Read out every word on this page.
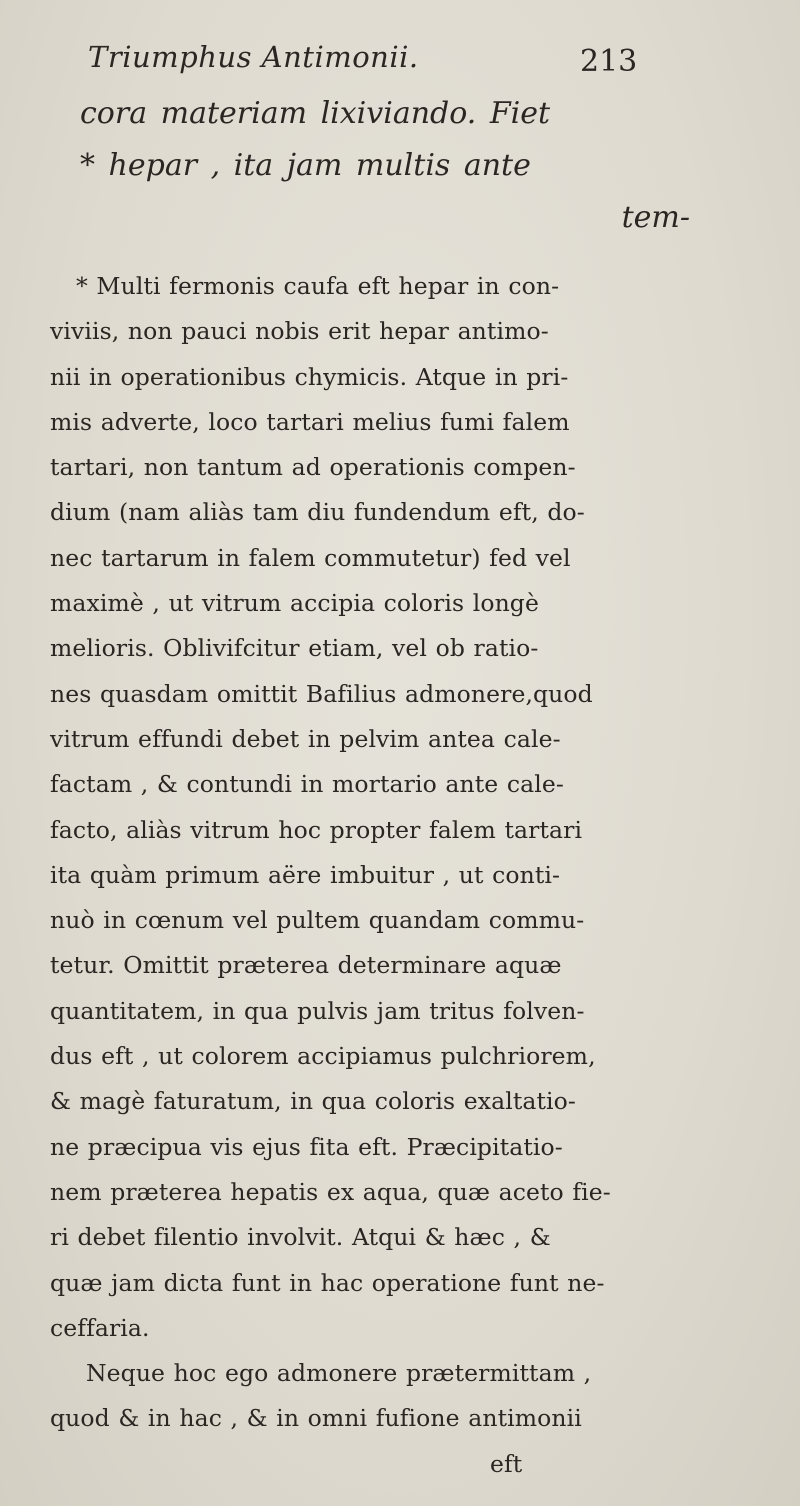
Triumphus Antimonii.	213
cora materiam lixiviando. Fiet
* hepar , ita jam multis ante
tem-
* Multi fermonis caufa eft hepar in con-
viviis, non pauci nobis erit hepar antimo-
nii in operationibus chymicis. Atque in pri-
mis adverte, loco tartari melius fumi falem
tartari, non tantum ad operationis compen-
dium (nam aliàs tam diu fundendum eft, do-
nec tartarum in falem commutetur) fed vel
maximè , ut vitrum accipia coloris longè
melioris. Oblivifcitur etiam, vel ob ratio-
nes quasdam omittit Bafilius admonere,quod
vitrum effundi debet in pelvim antea cale-
factam , & contundi in mortario ante cale-
facto, aliàs vitrum hoc propter falem tartari
ita quàm primum aëre imbuitur , ut conti-
nuò in cœnum vel pultem quandam commu-
tetur. Omittit præterea determinare aquæ
quantitatem, in qua pulvis jam tritus folven-
dus eft , ut colorem accipiamus pulchriorem,
& magè faturatum, in qua coloris exaltatio-
ne præcipua vis ejus fita eft. Præcipitatio-
nem præterea hepatis ex aqua, quæ aceto fie-
ri debet filentio involvit. Atqui & hæc , &
quæ jam dicta funt in hac operatione funt ne-
ceffaria.
Neque hoc ego admonere prætermittam ,
quod & in hac , & in omni fufione antimonii
eft
